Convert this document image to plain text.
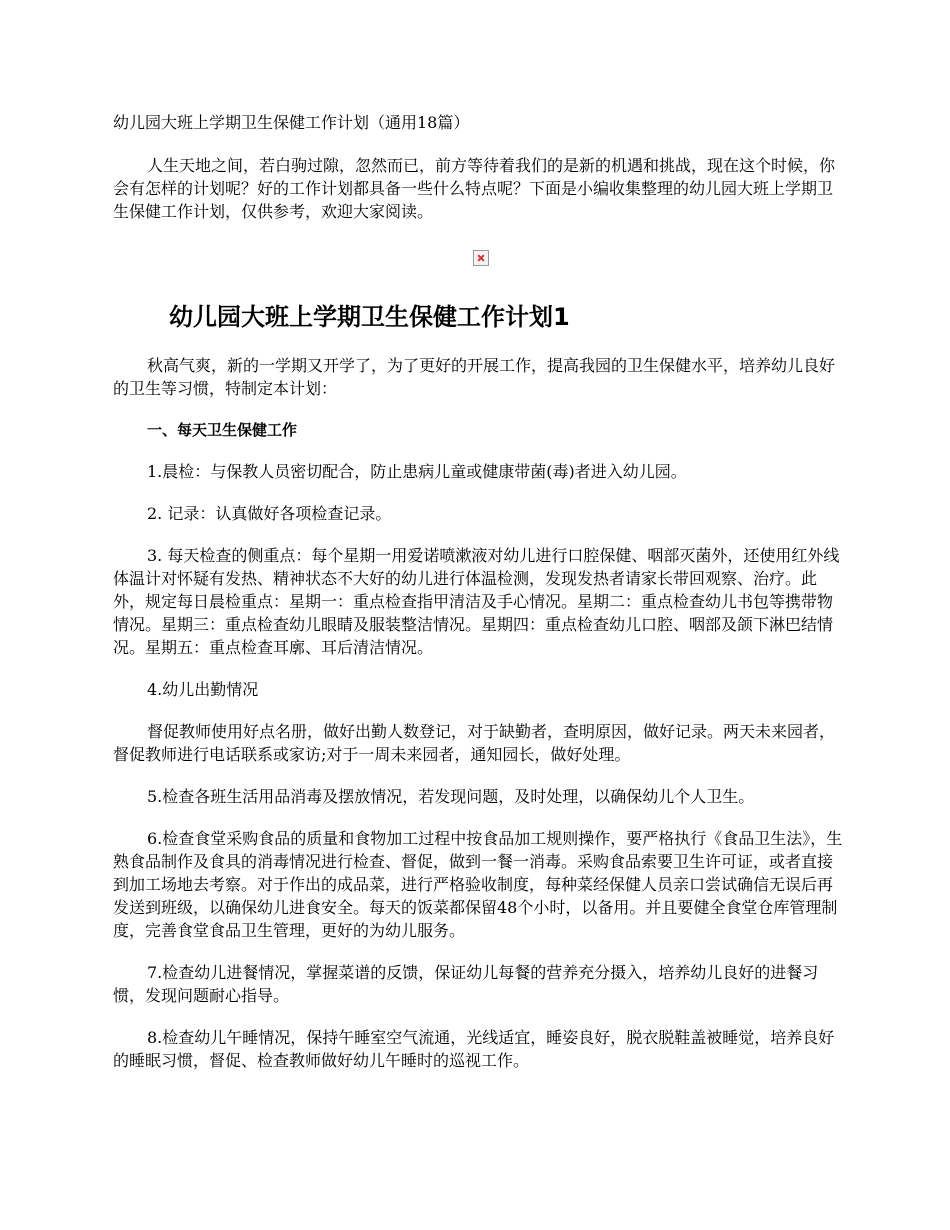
幼儿园大班上学期卫生保健工作计划（通用18篇）

人生天地之间，若白驹过隙，忽然而已，前方等待着我们的是新的机遇和挑战，现在这个时候，你会有怎样的计划呢？好的工作计划都具备一些什么特点呢？下面是小编收集整理的幼儿园大班上学期卫生保健工作计划，仅供参考，欢迎大家阅读。

幼儿园大班上学期卫生保健工作计划1

秋高气爽，新的一学期又开学了，为了更好的开展工作，提高我园的卫生保健水平，培养幼儿良好的卫生等习惯，特制定本计划：

一、每天卫生保健工作

1.晨检：与保教人员密切配合，防止患病儿童或健康带菌(毒)者进入幼儿园。

2. 记录：认真做好各项检查记录。

3. 每天检查的侧重点：每个星期一用爱诺喷漱液对幼儿进行口腔保健、咽部灭菌外，还使用红外线体温计对怀疑有发热、精神状态不大好的幼儿进行体温检测，发现发热者请家长带回观察、治疗。此外，规定每日晨检重点：星期一：重点检查指甲清洁及手心情况。星期二：重点检查幼儿书包等携带物情况。星期三：重点检查幼儿眼睛及服装整洁情况。星期四：重点检查幼儿口腔、咽部及颌下淋巴结情况。星期五：重点检查耳廓、耳后清洁情况。

4.幼儿出勤情况

督促教师使用好点名册，做好出勤人数登记，对于缺勤者，查明原因，做好记录。两天未来园者，督促教师进行电话联系或家访;对于一周未来园者，通知园长，做好处理。

5.检查各班生活用品消毒及摆放情况，若发现问题，及时处理，以确保幼儿个人卫生。

6.检查食堂采购食品的质量和食物加工过程中按食品加工规则操作，要严格执行《食品卫生法》，生熟食品制作及食具的消毒情况进行检查、督促，做到一餐一消毒。采购食品索要卫生许可证，或者直接到加工场地去考察。对于作出的成品菜，进行严格验收制度，每种菜经保健人员亲口尝试确信无误后再发送到班级，以确保幼儿进食安全。每天的饭菜都保留48个小时，以备用。并且要健全食堂仓库管理制度，完善食堂食品卫生管理，更好的为幼儿服务。

7.检查幼儿进餐情况，掌握菜谱的反馈，保证幼儿每餐的营养充分摄入，培养幼儿良好的进餐习惯，发现问题耐心指导。

8.检查幼儿午睡情况，保持午睡室空气流通，光线适宜，睡姿良好，脱衣脱鞋盖被睡觉，培养良好的睡眠习惯，督促、检查教师做好幼儿午睡时的巡视工作。
